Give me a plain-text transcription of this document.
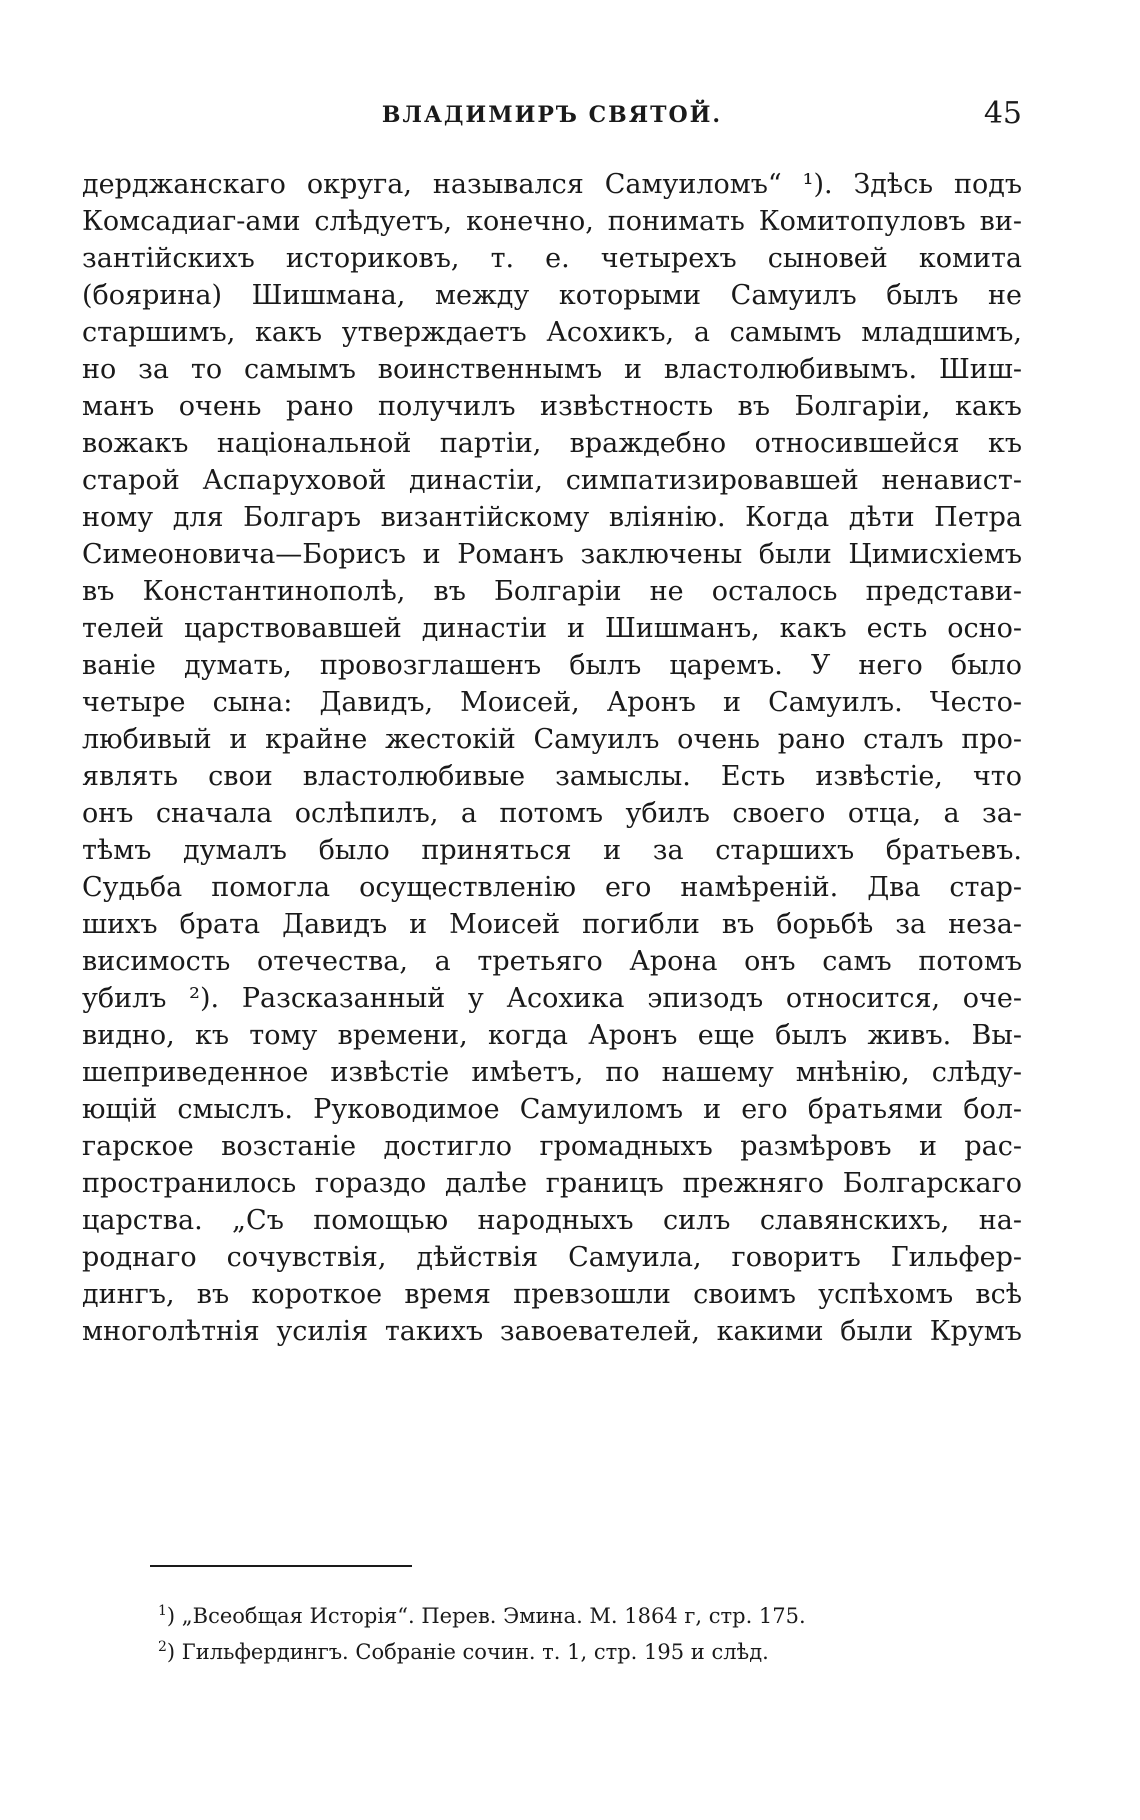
ВЛАДИМИРЪ СВЯТОЙ.	45
дерджанскаго округа, назывался Самуиломъ“ ¹). Здѣсь подъ
Комсадиаг-ами слѣдуетъ, конечно, понимать Комитопуловъ ви-
зантiйскихъ историковъ, т. е. четырехъ сыновей комита
(боярина) Шишмана, между которыми Самуилъ былъ не
старшимъ, какъ утверждаетъ Асохикъ, а самымъ младшимъ,
но за то самымъ воинственнымъ и властолюбивымъ. Шиш-
манъ очень рано получилъ извѣстность въ Болгарiи, какъ
вожакъ нацiональной партiи, враждебно относившейся къ
старой Аспаруховой династiи, симпатизировавшей ненавист-
ному для Болгаръ византiйскому влiянiю. Когда дѣти Петра
Симеоновича—Борисъ и Романъ заключены были Цимисхiемъ
въ Константинополѣ, въ Болгарiи не осталось представи-
телей царствовавшей династiи и Шишманъ, какъ есть осно-
ванiе думать, провозглашенъ былъ царемъ. У него было
четыре сына: Давидъ, Моисей, Аронъ и Самуилъ. Често-
любивый и крайне жестокiй Самуилъ очень рано сталъ про-
являть свои властолюбивые замыслы. Есть извѣстiе, что
онъ сначала ослѣпилъ, а потомъ убилъ своего отца, а за-
тѣмъ думалъ было приняться и за старшихъ братьевъ.
Судьба помогла осуществленiю его намѣренiй. Два стар-
шихъ брата Давидъ и Моисей погибли въ борьбѣ за неза-
висимость отечества, а третьяго Арона онъ самъ потомъ
убилъ ²). Разсказанный у Асохика эпизодъ относится, оче-
видно, къ тому времени, когда Аронъ еще былъ живъ. Вы-
шеприведенное извѣстiе имѣетъ, по нашему мнѣнiю, слѣду-
ющiй смыслъ. Руководимое Самуиломъ и его братьями бол-
гарское возстанiе достигло громадныхъ размѣровъ и рас-
пространилось гораздо далѣе границъ прежняго Болгарскаго
царства. „Съ помощью народныхъ силъ славянскихъ, на-
роднаго сочувствiя, дѣйствiя Самуила, говоритъ Гильфер-
дингъ, въ короткое время превзошли своимъ успѣхомъ всѣ
многолѣтнiя усилiя такихъ завоевателей, какими были Крумъ
$^1$) „Всеобщая Исторiя“. Перев. Эмина. М. 1864 г, стр. 175.
$^2$) Гильфердингъ. Собранiе сочин. т. 1, стр. 195 и слѣд.
